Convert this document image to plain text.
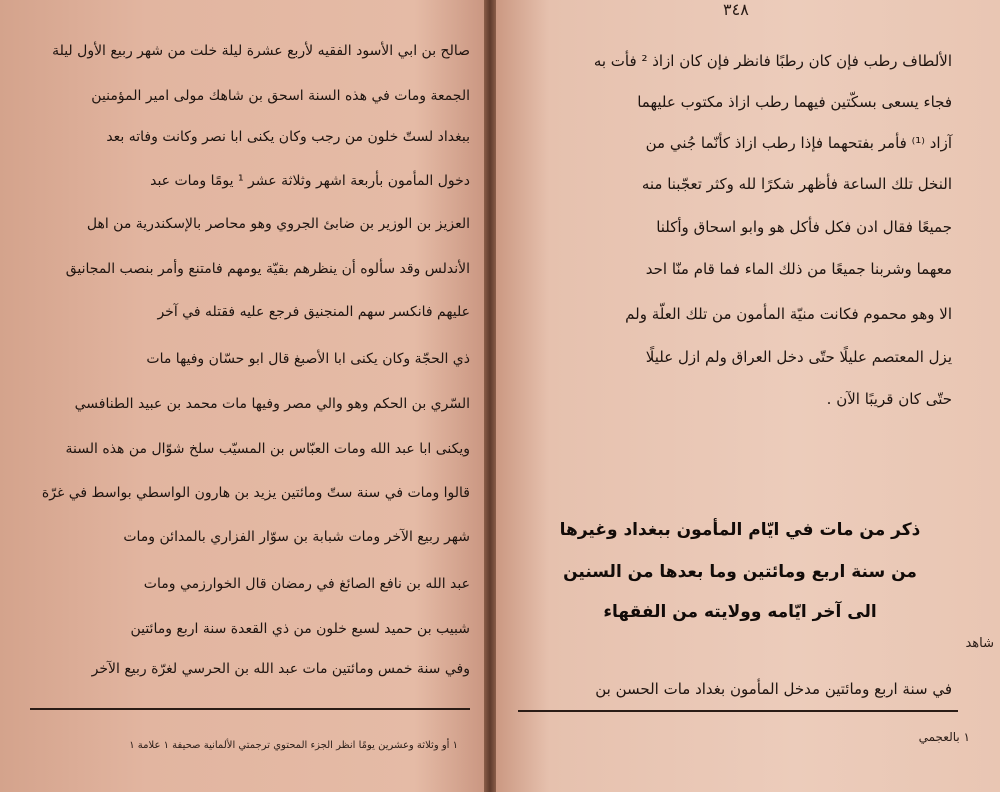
صالح بن ابي الأسود الفقيه لأربع عشرة ليلة خلت من شهر ربيع الأول ليلة
الجمعة ومات في هذه السنة اسحق بن شاهك مولى امير المؤمنين
ببغداد لستّ خلون من رجب وكان يكنى ابا نصر وكانت وفاته بعد
دخول المأمون بأربعة اشهر وثلاثة عشر ¹ يومًا ومات عبد
العزيز بن الوزير بن ضابئ الجروي وهو محاصر بالإسكندرية من اهل
الأندلس وقد سألوه أن ينظرهم بقيّة يومهم فامتنع وأمر بنصب المجانيق
عليهم فانكسر سهم المنجنيق فرجع عليه فقتله في آخر
ذي الحجّة وكان يكنى ابا الأصبغ قال ابو حسّان وفيها مات
السّري بن الحكم وهو والي مصر وفيها مات محمد بن عبيد الطنافسي
ويكنى ابا عبد الله ومات العبّاس بن المسيّب سلخ شوّال من هذه السنة
قالوا ومات في سنة ستّ ومائتين يزيد بن هارون الواسطي بواسط في غرّة
شهر ربيع الآخر ومات شبابة بن سوّار الفزاري بالمدائن ومات
عبد الله بن نافع الصائغ في رمضان قال الخوارزمي ومات
شبيب بن حميد لسبع خلون من ذي القعدة سنة اربع ومائتين
وفي سنة خمس ومائتين مات عبد الله بن الحرسي لغرّة ربيع الآخر
١ أو وثلاثة وعشرين يومًا انظر الجزء المحتوي ترجمتي الألمانية صحيفة ١ علامة ١
٣٤٨
الألطاف رطب فإن كان رطبًا فانظر فإن كان ازاذ ² فأت به
فجاء يسعى بسكّتين فيهما رطب ازاذ مكتوب عليهما
آزاد ⁽¹⁾ فأمر بفتحهما فإذا رطب ازاذ كأنّما جُني من
النخل تلك الساعة فأظهر شكرًا لله وكثر تعجّبنا منه
جميعًا فقال ادن فكل فأكل هو وابو اسحاق وأكلنا
معهما وشربنا جميعًا من ذلك الماء فما قام منّا احد
الا وهو محموم فكانت منيّة المأمون من تلك العلّة ولم
يزل المعتصم عليلًا حتّى دخل العراق ولم ازل عليلًا
حتّى كان قريبًا الآن .
ذكر من مات في ايّام المأمون ببغداد وغيرها
من سنة اربع ومائتين وما بعدها من السنين
الى آخر ايّامه وولايته من الفقهاء
شاهد
في سنة اربع ومائتين مدخل المأمون بغداد مات الحسن بن
١ بالعجمي
